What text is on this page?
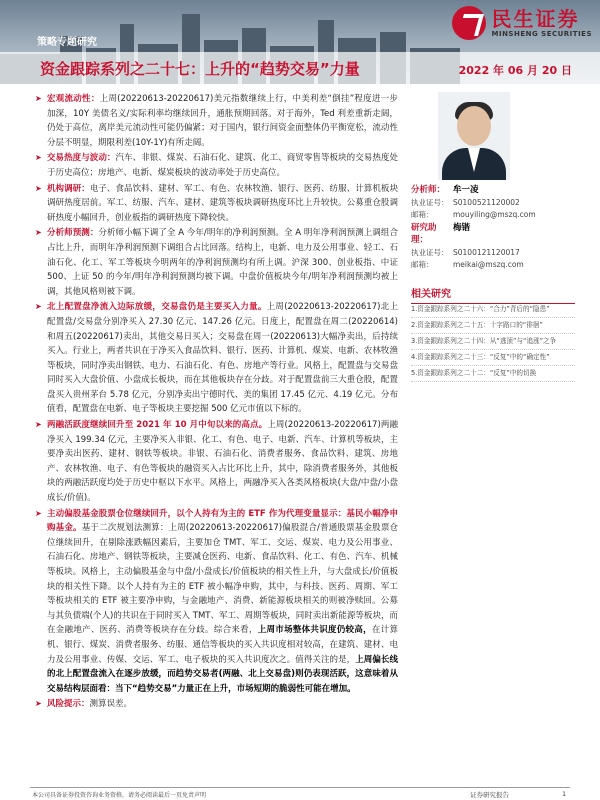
民生证券
MINSHENG SECURITIES
策略专题研究
资金跟踪系列之二十七：上升的“趋势交易”力量	2022 年 06 月 20 日
➤ 宏观流动性：上周(20220613-20220617)美元指数继续上行，中美利差“倒挂”程度进一步加深，10Y 美债名义/实际利率均继续回升，通胀预期回落。对于海外，Ted 利差重新走阔，仍处于高位，离岸美元流动性可能仍偏紧；对于国内，银行间资金面整体仍平衡宽松，流动性分层不明显，期限利差(10Y-1Y)有所走阔。
➤ 交易热度与波动：汽车、非银、煤炭、石油石化、建筑、化工、商贸零售等板块的交易热度处于历史高位；房地产、电新、煤炭板块的波动率处于历史高位。
➤ 机构调研：电子、食品饮料、建材、军工、有色、农林牧渔、银行、医药、纺服、计算机板块调研热度居前。军工、纺服、汽车、建材、建筑等板块调研热度环比上升较快。公募重仓股调研热度小幅回升，创业板指的调研热度下降较快。
➤ 分析师预测：分析师小幅下调了全 A 今年/明年的净利润预测。全 A 明年净利润预测上调组合占比上升，而明年净利润预测下调组合占比回落。结构上，电新、电力及公用事业、轻工、石油石化、化工、军工等板块今明两年的净利润预测均有所上调。沪深 300、创业板指、中证 500、上证 50 的今年/明年净利润预测均被下调。中盘价值板块今年/明年净利润预测均被上调，其他风格则被下调。
➤ 北上配置盘净流入边际放缓，交易盘仍是主要买入力量。上周(20220613-20220617)北上配置盘/交易盘分别净买入 27.30 亿元、147.26 亿元。日度上，配置盘在周二(20220614)和周五(20220617)卖出，其他交易日买入；交易盘在周一(20220613)大幅净卖出，后持续买入。行业上，两者共识在于净买入食品饮料、银行、医药、计算机、煤炭、电新、农林牧渔等板块，同时净卖出钢铁、电力、石油石化、有色、房地产等行业。风格上，配置盘与交易盘同时买入大盘价值、小盘成长板块，而在其他板块存在分歧。对于配置盘前三大重仓股，配置盘买入贵州茅台 5.78 亿元，分别净卖出宁德时代、美的集团 17.45 亿元、4.19 亿元。分布值看，配置盘在电新、电子等板块主要挖掘 500 亿元市值以下标的。
➤ 两融活跃度继续回升至 2021 年 10 月中旬以来的高点。上周(20220613-20220617)两融净买入 199.34 亿元，主要净买入非银、化工、有色、电子、电新、汽车、计算机等板块，主要净卖出医药、建材、钢铁等板块。非银、石油石化、消费者服务、食品饮料、建筑、房地产、农林牧渔、电子、有色等板块的融资买入占比环比上升，其中，除消费者服务外，其他板块的两融活跃度均处于历史中枢以下水平。风格上，两融净买入各类风格板块(大盘/中盘/小盘成长/价值)。
➤ 主动偏股基金股票仓位继续回升，以个人持有为主的 ETF 作为代理变量显示：基民小幅净申购基金。基于二次规划法测算：上周(20220613-20220617)偏股混合/普通股票基金股票仓位继续回升，在剔除涨跌幅因素后，主要加仓 TMT、军工、交运、煤炭、电力及公用事业、石油石化、房地产、钢铁等板块，主要减仓医药、电新、食品饮料、化工、有色、汽车、机械等板块。风格上，主动偏股基金与中盘/小盘成长/价值板块的相关性上升，与大盘成长/价值板块的相关性下降。以个人持有为主的 ETF 被小幅净申购，其中，与科技、医药、周期、军工等板块相关的 ETF 被主要净申购，与金融地产、消费、新能源板块相关的则被净赎回。公募与其负债端(个人)的共识在于同时买入 TMT、军工、周期等板块，同时卖出新能源等板块，而在金融地产、医药、消费等板块存在分歧。综合来看，上周市场整体共识度仍较高，在计算机、银行、煤炭、消费者服务、纺服、通信等板块的买入共识度相对较高，在建筑、建材、电力及公用事业、传媒、交运、军工、电子板块的买入共识度次之。值得关注的是，上周偏长线的北上配置盘流入在逐步放缓，而趋势交易者(两融、北上交易盘)则仍表现活跃，这意味着从交易结构层面看：当下“趋势交易”力量正在上升，市场短期的脆弱性可能在增加。
➤ 风险提示：测算误差。
分析师： 牟一凌
执业证号： S0100521120002
邮箱：	mouyiling@mszq.com
研究助理：
梅锴
执业证号： S0100121120017
邮箱：	meikai@mszq.com
相关研究
1.资金跟踪系列之二十六：“合力”背后的“隐患”
2.资金跟踪系列之二十五：十字路口的“徘徊”
3.资金跟踪系列之二十四：从“逃顶”与“追涨”之争
4.资金跟踪系列之二十三：“反复”中的“确定性”
5.资金跟踪系列之二十二：“反复”中的切换
本公司具备证券投资咨询业务资格，请务必阅读最后一页免责声明	证券研究报告	1
